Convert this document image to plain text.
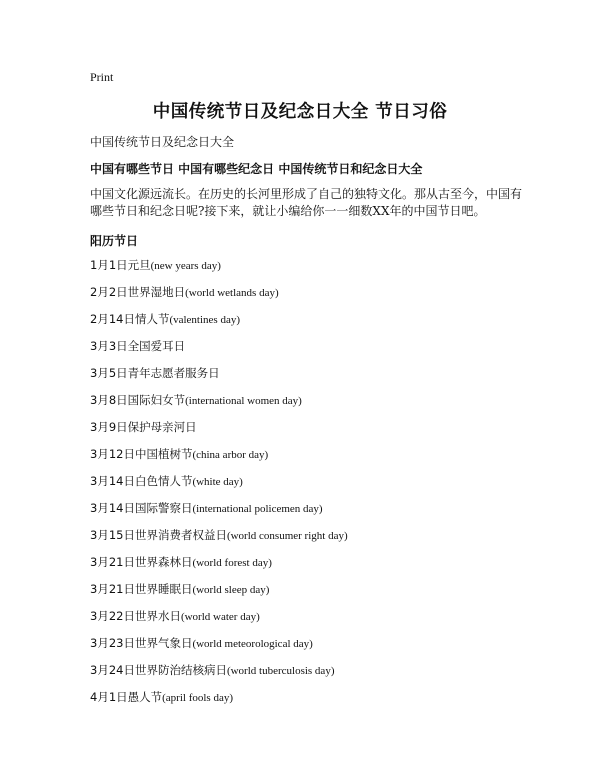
Print
中国传统节日及纪念日大全 节日习俗
中国传统节日及纪念日大全
中国有哪些节日 中国有哪些纪念日 中国传统节日和纪念日大全
中国文化源远流长。在历史的长河里形成了自己的独特文化。那从古至今，中国有
哪些节日和纪念日呢?接下来，就让小编给你一一细数XX年的中国节日吧。
阳历节日
1月1日元旦(new years day)
2月2日世界湿地日(world wetlands day)
2月14日情人节(valentines day)
3月3日全国爱耳日
3月5日青年志愿者服务日
3月8日国际妇女节(international women day)
3月9日保护母亲河日
3月12日中国植树节(china arbor day)
3月14日白色情人节(white day)
3月14日国际警察日(international policemen day)
3月15日世界消费者权益日(world consumer right day)
3月21日世界森林日(world forest day)
3月21日世界睡眠日(world sleep day)
3月22日世界水日(world water day)
3月23日世界气象日(world meteorological day)
3月24日世界防治结核病日(world tuberculosis day)
4月1日愚人节(april fools day)
